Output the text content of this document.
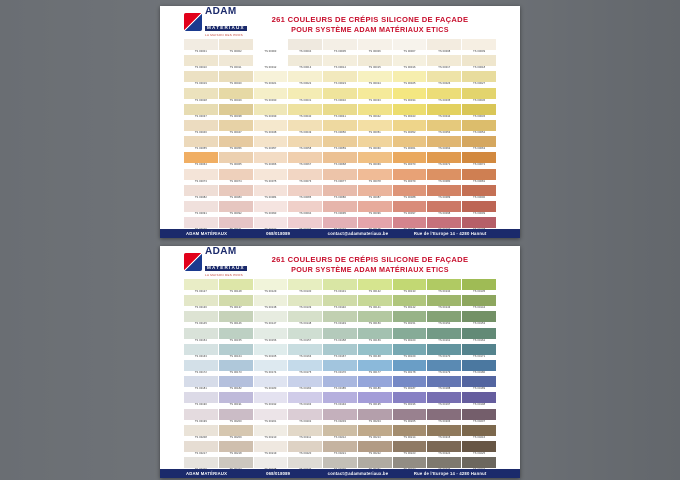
ADAM
MATÉRIAUX
LA MAISON DES PROS
261 COULEURS DE CRÉPIS SILICONE DE FAÇADE
POUR SYSTÈME ADAM MATÉRIAUX ETICS
TS 00001	TS 00002	TS 00003	TS 00004	TS 00005	TS 00006	TS 00007	TS 00008	TS 00009
TS 00010	TS 00011	TS 00012	TS 00013	TS 00014	TS 00015	TS 00016	TS 00017	TS 00018
TS 00019	TS 00020	TS 00021	TS 00022	TS 00023	TS 00024	TS 00025	TS 00026	TS 00027
TS 00028	TS 00029	TS 00030	TS 00031	TS 00032	TS 00033	TS 00034	TS 00035	TS 00036
TS 00037	TS 00038	TS 00039	TS 00040	TS 00041	TS 00042	TS 00043	TS 00044	TS 00045
TS 00046	TS 00047	TS 00048	TS 00049	TS 00050	TS 00051	TS 00052	TS 00053	TS 00054
TS 00055	TS 00056	TS 00057	TS 00058	TS 00059	TS 00060	TS 00061	TS 00062	TS 00063
TS 00064	TS 00065	TS 00066	TS 00067	TS 00068	TS 00069	TS 00070	TS 00071	TS 00072
TS 00073	TS 00074	TS 00075	TS 00076	TS 00077	TS 00078	TS 00079	TS 00080	TS 00081
TS 00082	TS 00083	TS 00084	TS 00085	TS 00086	TS 00087	TS 00088	TS 00089	TS 00090
TS 00091	TS 00092	TS 00093	TS 00094	TS 00095	TS 00096	TS 00097	TS 00098	TS 00099
ADAM MATÉRIAUX	068/018089	contact@adammateriaux.be	Rue de l'Europe 14 - 4280 Hannut
ADAM
MATÉRIAUX
LA MAISON DES PROS
261 COULEURS DE CRÉPIS SILICONE DE FAÇADE
POUR SYSTÈME ADAM MATÉRIAUX ETICS
TS 00127	TS 00128	TS 00129	TS 00130	TS 00131	TS 00132	TS 00133	TS 00134	TS 00135
TS 00136	TS 00137	TS 00138	TS 00139	TS 00140	TS 00141	TS 00142	TS 00143	TS 00144
TS 00145	TS 00146	TS 00147	TS 00148	TS 00149	TS 00150	TS 00151	TS 00152	TS 00153
TS 00154	TS 00155	TS 00156	TS 00157	TS 00158	TS 00159	TS 00160	TS 00161	TS 00162
TS 00163	TS 00164	TS 00165	TS 00166	TS 00167	TS 00168	TS 00169	TS 00170	TS 00171
TS 00172	TS 00173	TS 00174	TS 00175	TS 00176	TS 00177	TS 00178	TS 00179	TS 00180
TS 00181	TS 00182	TS 00183	TS 00184	TS 00185	TS 00186	TS 00187	TS 00188	TS 00189
TS 00190	TS 00191	TS 00192	TS 00193	TS 00194	TS 00195	TS 00196	TS 00197	TS 00198
TS 00199	TS 00200	TS 00201	TS 00202	TS 00203	TS 00204	TS 00205	TS 00206	TS 00207
TS 00208	TS 00209	TS 00210	TS 00211	TS 00212	TS 00213	TS 00214	TS 00215	TS 00216
TS 00217	TS 00218	TS 00219	TS 00220	TS 00221	TS 00222	TS 00223	TS 00224	TS 00225
ADAM MATÉRIAUX	068/018089	contact@adammateriaux.be	Rue de l'Europe 14 - 4280 Hannut
